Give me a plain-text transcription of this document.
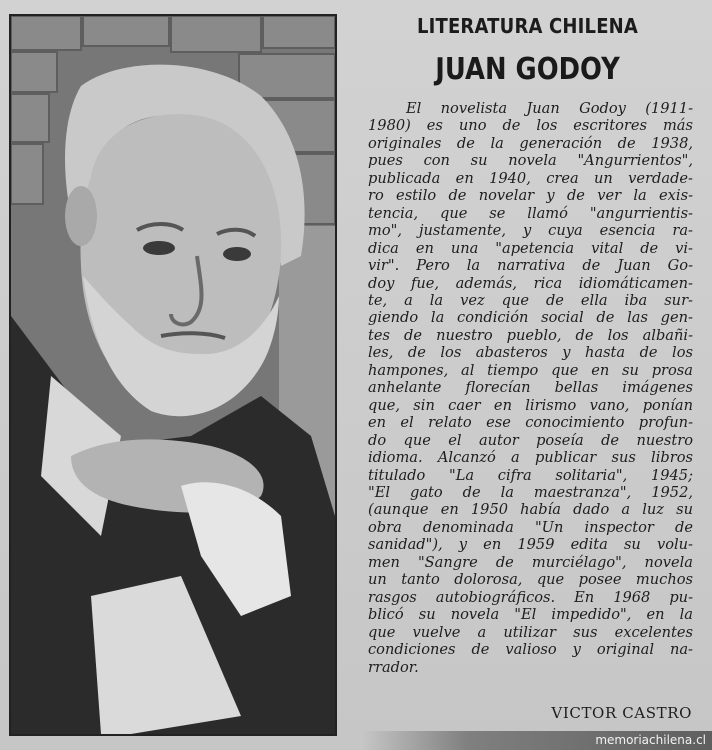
LITERATURA CHILENA
JUAN GODOY
El novelista Juan Godoy (1911-
1980) es uno de los escritores más
originales de la generación de 1938,
pues con su novela "Angurrientos",
publicada en 1940, crea un verdade-
ro estilo de novelar y de ver la exis-
tencia, que se llamó "angurrientis-
mo", justamente, y cuya esencia ra-
dica en una "apetencia vital de vi-
vir". Pero la narrativa de Juan Go-
doy fue, además, rica idiomáticamen-
te, a la vez que de ella iba sur-
giendo la condición social de las gen-
tes de nuestro pueblo, de los albañi-
les, de los abasteros y hasta de los
hampones, al tiempo que en su prosa
anhelante florecían bellas imágenes
que, sin caer en lirismo vano, ponían
en el relato ese conocimiento profun-
do que el autor poseía de nuestro
idioma. Alcanzó a publicar sus libros
titulado "La cifra solitaria", 1945;
"El gato de la maestranza", 1952,
(aunque en 1950 había dado a luz su
obra denominada "Un inspector de
sanidad"), y en 1959 edita su volu-
men "Sangre de murciélago", novela
un tanto dolorosa, que posee muchos
rasgos autobiográficos. En 1968 pu-
blicó su novela "El impedido", en la
que vuelve a utilizar sus excelentes
condiciones de valioso y original na-
rrador.
VICTOR CASTRO
memoriachilena.cl
